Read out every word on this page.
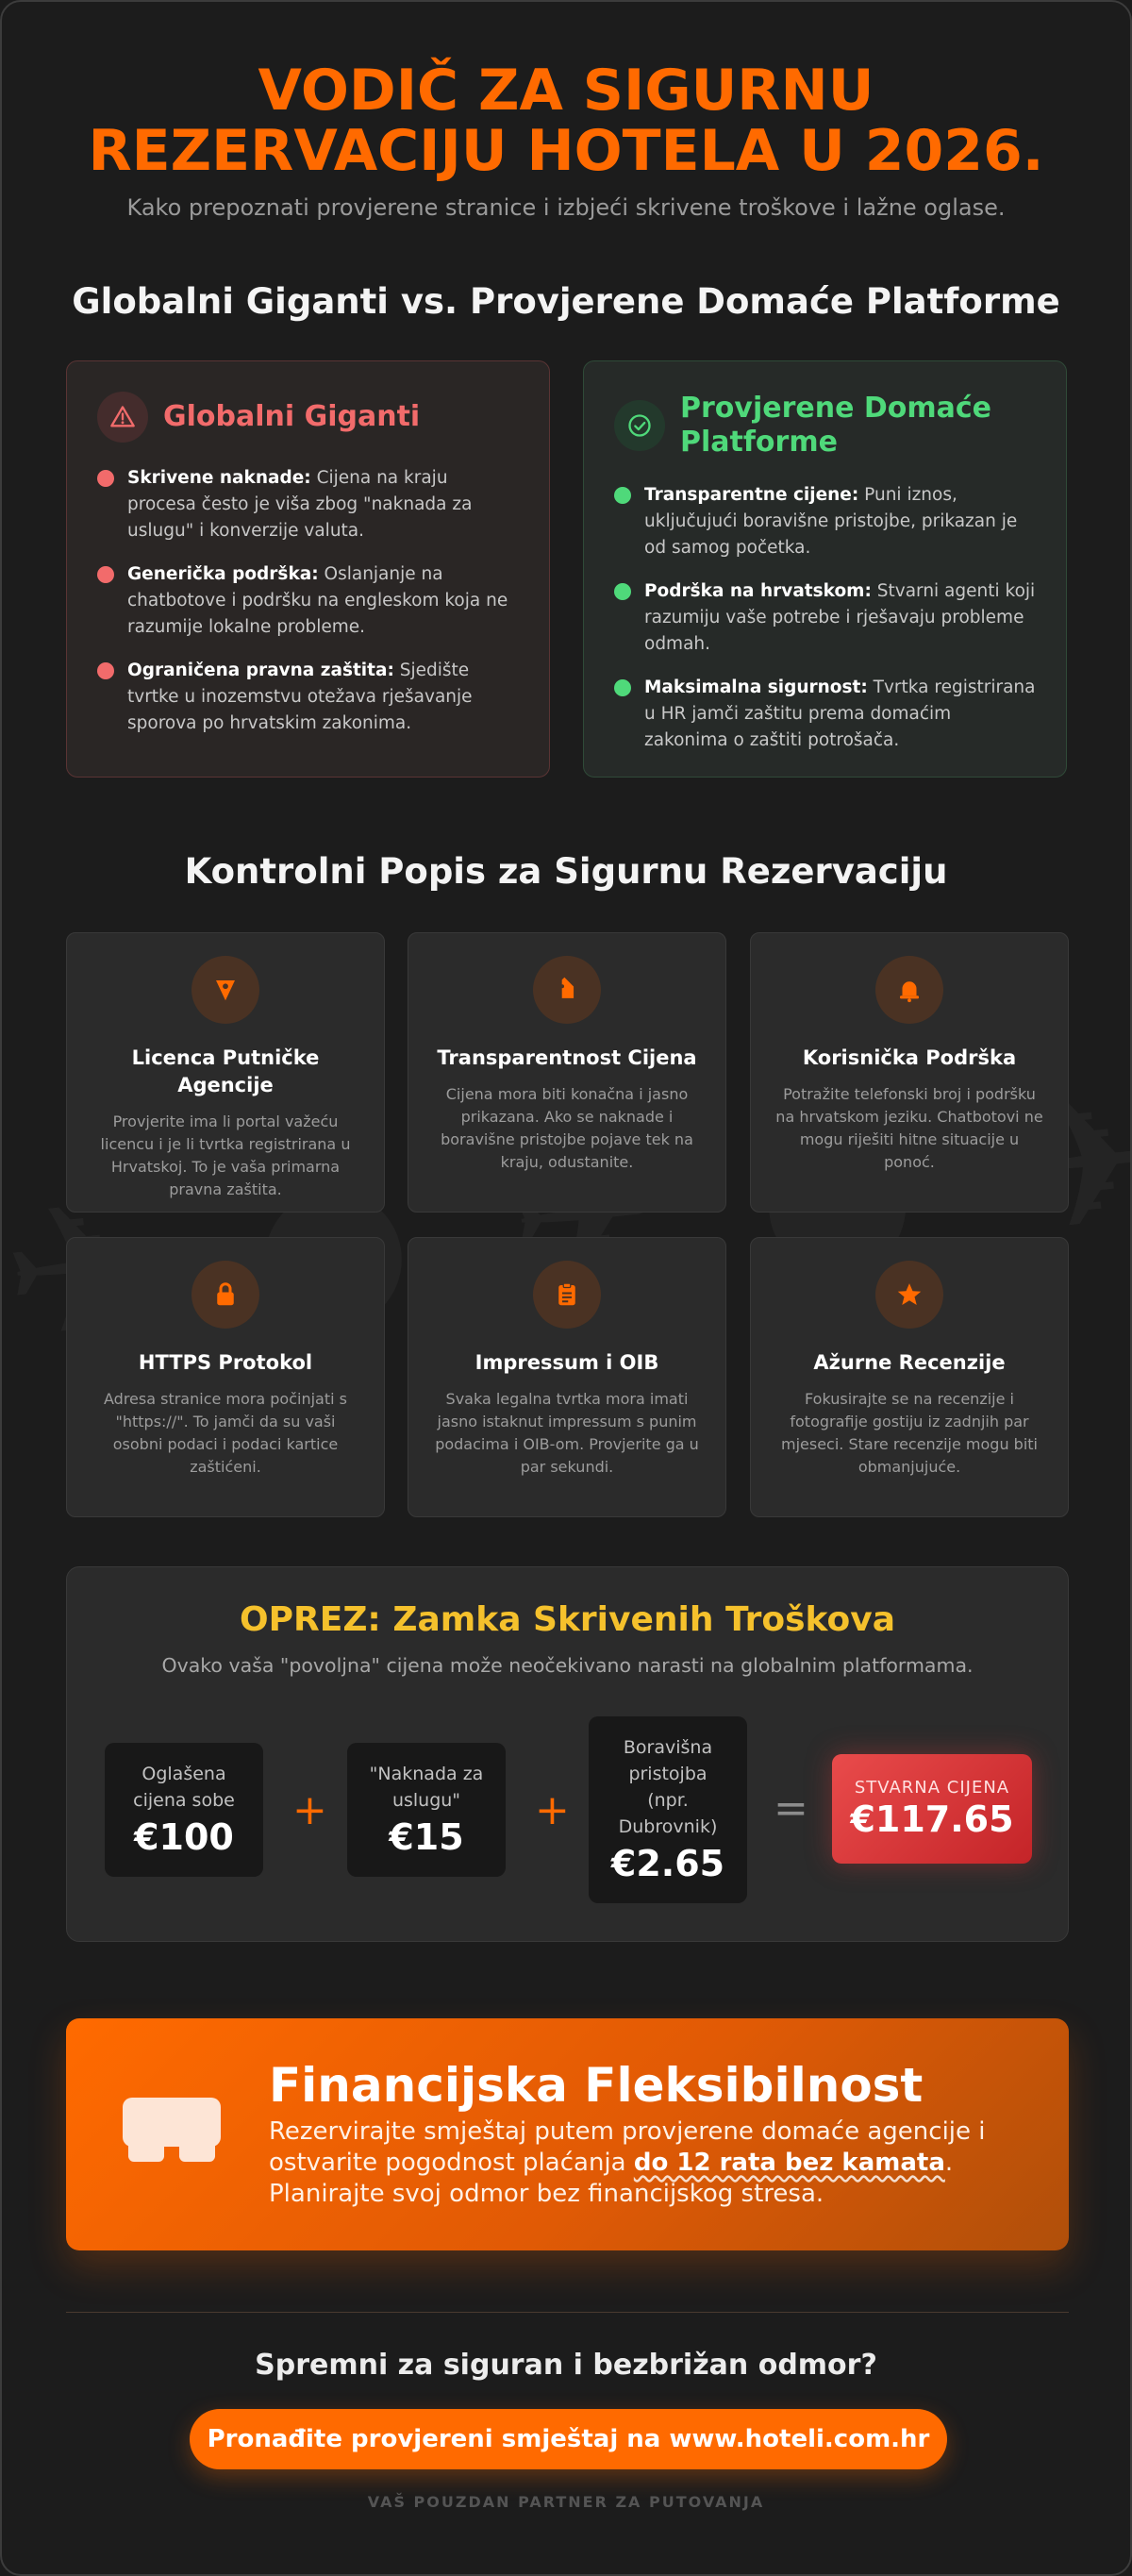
VODIČ ZA SIGURNU
REZERVACIJU HOTELA U 2026.

Kako prepoznati provjerene stranice i izbjeći skrivene troškove i lažne oglase.

Globalni Giganti vs. Provjerene Domaće Platforme
Globalni Giganti
Skrivene naknade: Cijena na kraju procesa često je viša zbog "naknada za uslugu" i konverzije valuta.
Generička podrška: Oslanjanje na chatbotove i podršku na engleskom koja ne razumije lokalne probleme.
Ograničena pravna zaštita: Sjedište tvrtke u inozemstvu otežava rješavanje sporova po hrvatskim zakonima.
Provjerene Domaće Platforme
Transparentne cijene: Puni iznos, uključujući boravišne pristojbe, prikazan je od samog početka.
Podrška na hrvatskom: Stvarni agenti koji razumiju vaše potrebe i rješavaju probleme odmah.
Maksimalna sigurnost: Tvrtka registrirana u HR jamči zaštitu prema domaćim zakonima o zaštiti potrošača.
Kontrolni Popis za Sigurnu Rezervaciju
Licenca Putničke Agencije
Provjerite ima li portal važeću licencu i je li tvrtka registrirana u Hrvatskoj. To je vaša primarna pravna zaštita.
Transparentnost Cijena
Cijena mora biti konačna i jasno prikazana. Ako se naknade i boravišne pristojbe pojave tek na kraju, odustanite.
Korisnička Podrška
Potražite telefonski broj i podršku na hrvatskom jeziku. Chatbotovi ne mogu riješiti hitne situacije u ponoć.
HTTPS Protokol
Adresa stranice mora počinjati s "https://". To jamči da su vaši osobni podaci i podaci kartice zaštićeni.
Impressum i OIB
Svaka legalna tvrtka mora imati jasno istaknut impressum s punim podacima i OIB-om. Provjerite ga u par sekundi.
Ažurne Recenzije
Fokusirajte se na recenzije i fotografije gostiju iz zadnjih par mjeseci. Stare recenzije mogu biti obmanjujuće.
OPREZ: Zamka Skrivenih Troškova
Ovako vaša "povoljna" cijena može neočekivano narasti na globalnim platformama.
Oglašena cijena sobe
€100
+
"Naknada za uslugu"
€15
+
Boravišna pristojba (npr. Dubrovnik)
€2.65
=	STVARNA CIJENA
€117.65
Financijska Fleksibilnost
Rezervirajte smještaj putem provjerene domaće agencije i ostvarite pogodnost plaćanja do 12 rata bez kamata. Planirajte svoj odmor bez financijskog stresa.
Spremni za siguran i bezbrižan odmor?
Pronađite provjereni smještaj na www.hoteli.com.hr
VAŠ POUZDAN PARTNER ZA PUTOVANJA
